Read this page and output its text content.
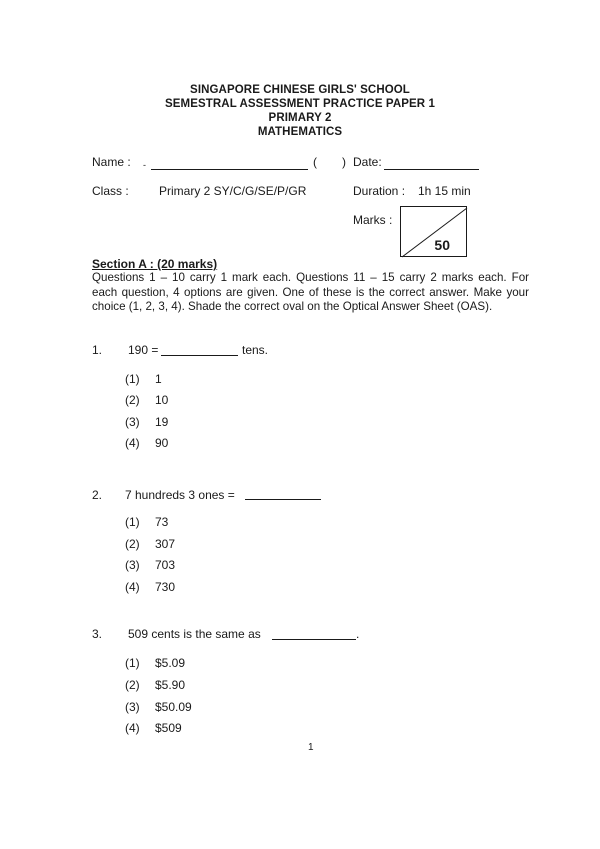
SINGAPORE CHINESE GIRLS' SCHOOL
SEMESTRAL ASSESSMENT PRACTICE PAPER 1
PRIMARY 2
MATHEMATICS
Name : -	( ) Date:
Class :	Primary 2 SY/C/G/SE/P/GR	Duration : 1h 15 min
Marks :
50
Section A : (20 marks)
Questions 1 – 10 carry 1 mark each. Questions 11 – 15 carry 2 marks each. For each question, 4 options are given. One of these is the correct answer. Make your choice (1, 2, 3, 4). Shade the correct oval on the Optical Answer Sheet (OAS).
1. 190 =	tens.
(1) 1
(2) 10
(3) 19
(4) 90
2. 7 hundreds 3 ones =
(1) 73
(2) 307
(3) 703
(4) 730
3. 509 cents is the same as	.
(1) $5.09
(2) $5.90
(3) $50.09
(4) $509
1
